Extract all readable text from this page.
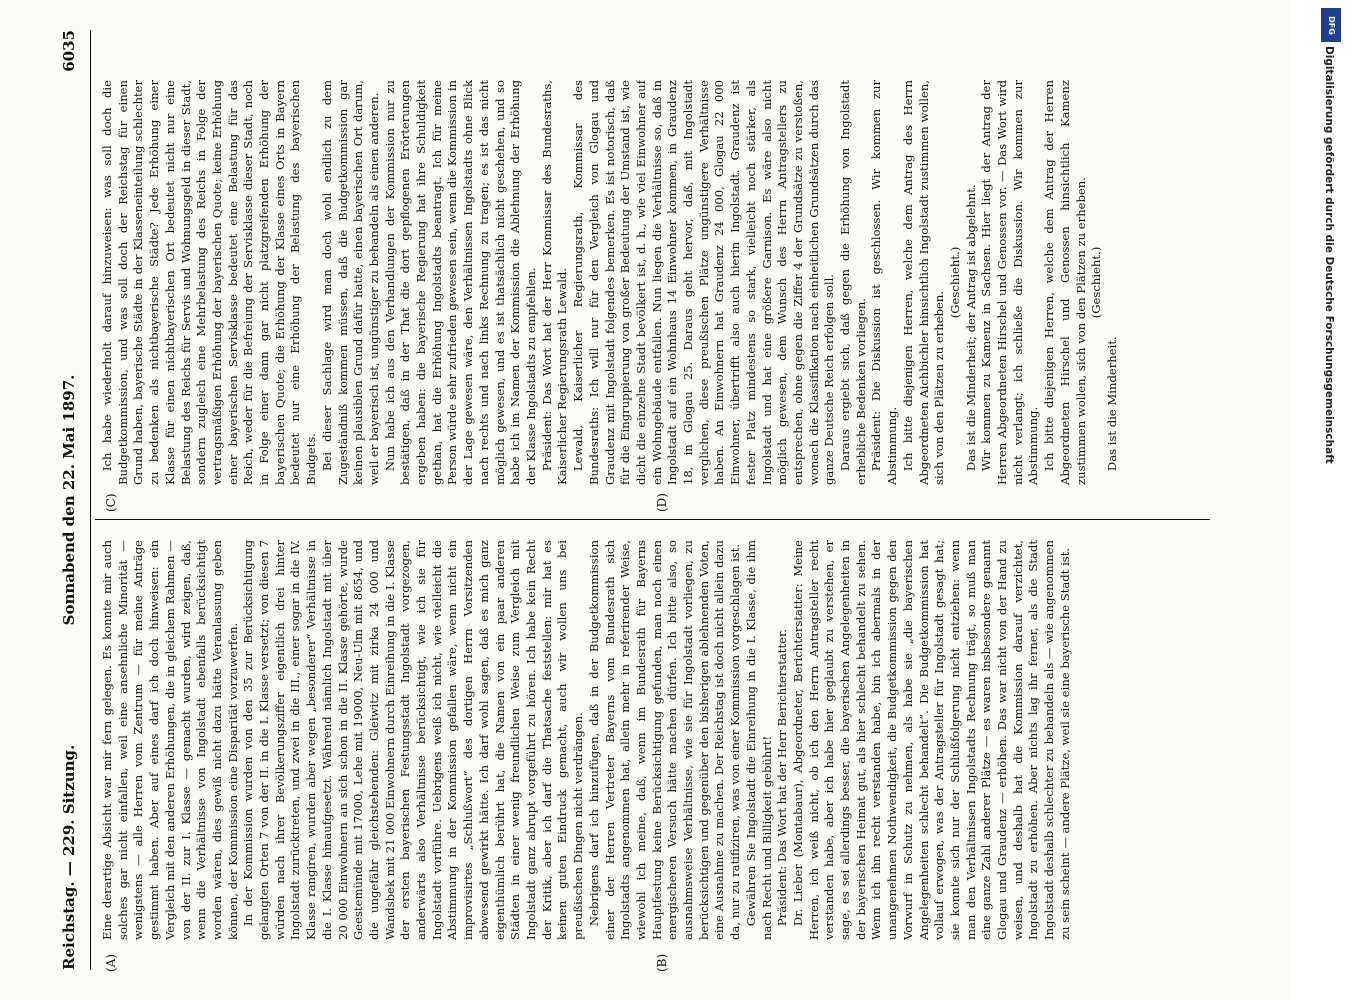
Reichstag. — 229. Sitzung.
Sonnabend den 22. Mai 1897.
6035
(A)	(B)
(C)	(D)

Eine derartige Absicht war mir fern gelegen. Es konnte mir auch solches gar nicht einfallen, weil eine ansehnliche Minorität — wenigstens — alle Herren vom Zentrum — für meine Anträge gestimmt haben. Aber auf eines darf ich doch hinweisen: ein Vergleich mit den anderen Erhöhungen, die in gleichem Rahmen — von der II. zur I. Klasse — gemacht wurden, wird zeigen, daß, wenn die Verhältnisse von Ingolstadt ebenfalls berücksichtigt worden wären, dies gewiß nicht dazu hätte Veranlassung geben können, der Kommission eine Disparität vorzuwerfen. In der Kommission wurden von den 35 zur Berücksichtigung gelangten Orten 7 von der II. in die I. Klasse versetzt; von diesen 7 würden nach ihrer Bevölkerungsziffer eigentlich drei hinter Ingolstadt zurücktreten, und zwei in die III., einer sogar in die IV. Klasse rangiren, wurden aber wegen „besonderer“ Verhältnisse in die I. Klasse hinaufgesetzt. Während nämlich Ingolstadt mit über 20 000 Einwohnern an sich schon in die II. Klasse gehörte, wurde Geestemünde mit 17000, Lehe mit 19000, Neu-Ulm mit 8654, und die ungefähr gleichstehenden: Gleiwitz mit zirka 24 000 und Wandsbek mit 21 000 Einwohnern durch Einreihung in die I. Klasse der ersten bayerischen Festungsstadt Ingolstadt vorgezogen, anderwärts also Verhältnisse berücksichtigt, wie ich sie für Ingolstadt vorführe. Uebrigens weiß ich nicht, wie vielleicht die Abstimmung in der Kommission gefallen wäre, wenn nicht ein improvisirtes „Schlußwort“ des dortigen Herrn Vorsitzenden abwesend gewirkt hätte. Ich darf wohl sagen, daß es mich ganz eigenthümlich berührt hat, die Namen von ein paar anderen Städten in einer wenig freundlichen Weise zum Vergleich mit Ingolstadt ganz abrupt vorgeführt zu hören. Ich habe kein Recht der Kritik, aber ich darf die Thatsache feststellen: mir hat es keinen guten Eindruck gemacht, auch wir wollen uns bei preußischen Dingen nicht verdrängen. Nebrigens darf ich hinzufügen, daß in der Budgetkommission einer der Herren Vertreter Bayerns vom Bundesrath sich Ingolstadts angenommen hat, allein mehr in referirender Weise, wiewohl ich meine, daß, wenn im Bundesrath für Bayerns Hauptfestung keine Berücksichtigung gefunden, man noch einen energischeren Versuch hätte machen dürfen. Ich bitte also, so ausnahmsweise Verhältnisse, wie sie für Ingolstadt vorliegen, zu berücksichtigen und gegenüber den bisherigen ablehnenden Voten, eine Ausnahme zu machen. Der Reichstag ist doch nicht allein dazu da, nur zu ratifiziren, was von einer Kommission vorgeschlagen ist. Gewähren Sie Ingolstadt die Einreihung in die I. Klasse, die ihm nach Recht und Billigkeit gebührt! Präsident: Das Wort hat der Herr Berichterstatter. Dr. Lieber (Montabaur), Abgeordneter, Berichterstatter: Meine Herren, ich weiß nicht, ob ich den Herrn Antragsteller recht verstanden habe, aber ich habe hier geglaubt zu verstehen, er sage, es sei allerdings besser, die bayerischen Angelegenheiten in der bayerischen Heimat gut, als hier schlecht behandelt zu sehen. Wenn ich ihn recht verstanden habe, bin ich abermals in der unangenehmen Nothwendigkeit, die Budgetkommission gegen den Vorwurf in Schutz zu nehmen, als habe sie „die bayerischen Angelegenheiten schlecht behandelt“. Die Budgetkommission hat vollauf erwogen, was der Antragsteller für Ingolstadt gesagt hat; sie konnte sich nur der Schlußfolgerung nicht entziehen: wenn man den Verhältnissen Ingolstadts Rechnung trägt, so muß man eine ganze Zahl anderer Plätze — es waren insbesondere genannt Glogau und Graudenz — erhöhen. Das war nicht von der Hand zu weisen, und deshalb hat die Kommission darauf verzichtet, Ingolstadt zu erhöhen. Aber nichts lag ihr ferner, als die Stadt Ingolstadt deshalb schlechter zu behandeln als — wie angenommen zu sein scheint — andere Plätze, weil sie eine bayerische Stadt ist.

Ich habe wiederholt darauf hinzuweisen: was soll doch die Budgetkommission, und was soll doch der Reichstag für einen Grund haben, bayerische Städte in der Klasseneinteilung schlechter zu bedenken als nichtbayerische Städte? Jede Erhöhung einer Klasse für einen nichtbayerischen Ort bedeutet nicht nur eine Belastung des Reichs für Servis und Wohnungsgeld in dieser Stadt, sondern zugleich eine Mehrbelastung des Reichs in Folge der vertragsmäßigen Erhöhung der bayerischen Quote; keine Erhöhung einer bayerischen Servisklasse bedeutet eine Belastung für das Reich, weder für die Befreiung der Servisklasse dieser Stadt, noch in Folge einer dann gar nicht platzgreifenden Erhöhung der bayerischen Quote; die Erhöhung der Klasse eines Orts in Bayern bedeutet nur eine Erhöhung der Belastung des bayerischen Budgets. Bei dieser Sachlage wird man doch wohl endlich zu dem Zugeständniß kommen müssen, daß die Budgetkommission gar keinen plausiblen Grund dafür hatte, einen bayerischen Ort darum, weil er bayerisch ist, ungünstiger zu behandeln als einen anderen. Nun habe ich aus den Verhandlungen der Kommission nur zu bestätigen, daß in der That die dort gepflogenen Erörterungen ergeben haben: die bayerische Regierung hat ihre Schuldigkeit gethan, hat die Erhöhung Ingolstadts beantragt. Ich für meine Person würde sehr zufrieden gewesen sein, wenn die Kommission in der Lage gewesen wäre, den Verhältnissen Ingolstadts ohne Blick nach rechts und nach links Rechnung zu tragen; es ist das nicht möglich gewesen, und es ist thatsächlich nicht geschehen, und so habe ich im Namen der Kommission die Ablehnung der Erhöhung der Klasse Ingolstadts zu empfehlen. Präsident: Das Wort hat der Herr Kommissar des Bundesraths, Kaiserlicher Regierungsrath Lewald. Lewald, Kaiserlicher Regierungsrath, Kommissar des Bundesraths: Ich will nur für den Vergleich von Glogau und Graudenz mit Ingolstadt folgendes bemerken. Es ist notorisch, daß für die Eingruppierung von großer Bedeutung der Umstand ist, wie dicht die einzelne Stadt bevölkert ist, d. h., wie viel Einwohner auf ein Wohngebäude entfallen. Nun liegen die Verhältnisse so, daß in Ingolstadt auf ein Wohnhaus 14 Einwohner kommen, in Graudenz 18, in Glogau 25. Daraus geht hervor, daß, mit Ingolstadt verglichen, diese preußischen Plätze ungünstigere Verhältnisse haben. An Einwohnern hat Graudenz 24 000, Glogau 22 000 Einwohner, übertrifft also auch hierin Ingolstadt. Graudenz ist fester Platz mindestens so stark, vielleicht noch stärker, als Ingolstadt und hat eine größere Garnison. Es wäre also nicht möglich gewesen, dem Wunsch des Herrn Antragstellers zu entsprechen, ohne gegen die Ziffer 4 der Grundsätze zu verstoßen, wonach die Klassifikation nach einheitlichen Grundsätzen durch das ganze Deutsche Reich erfolgen soll. Daraus ergiebt sich, daß gegen die Erhöhung von Ingolstadt erhebliche Bedenken vorliegen. Präsident: Die Diskussion ist geschlossen. Wir kommen zur Abstimmung. Ich bitte diejenigen Herren, welche dem Antrag des Herrn Abgeordneten Aichbichler hinsichtlich Ingolstadt zustimmen wollen, sich von den Plätzen zu erheben.

(Geschieht.) Das ist die Minderheit; der Antrag ist abgelehnt. Wir kommen zu Kamenz in Sachsen. Hier liegt der Antrag der Herren Abgeordneten Hirschel und Genossen vor. — Das Wort wird nicht verlangt; ich schließe die Diskussion. Wir kommen zur Abstimmung. Ich bitte diejenigen Herren, welche dem Antrag der Herren Abgeordneten Hirschel und Genossen hinsichtlich Kamenz zustimmen wollen, sich von den Plätzen zu erheben. (Geschieht.)

Das ist die Minderheit.

DFG
Digitalisierung gefördert durch die Deutsche Forschungsgemeinschaft
